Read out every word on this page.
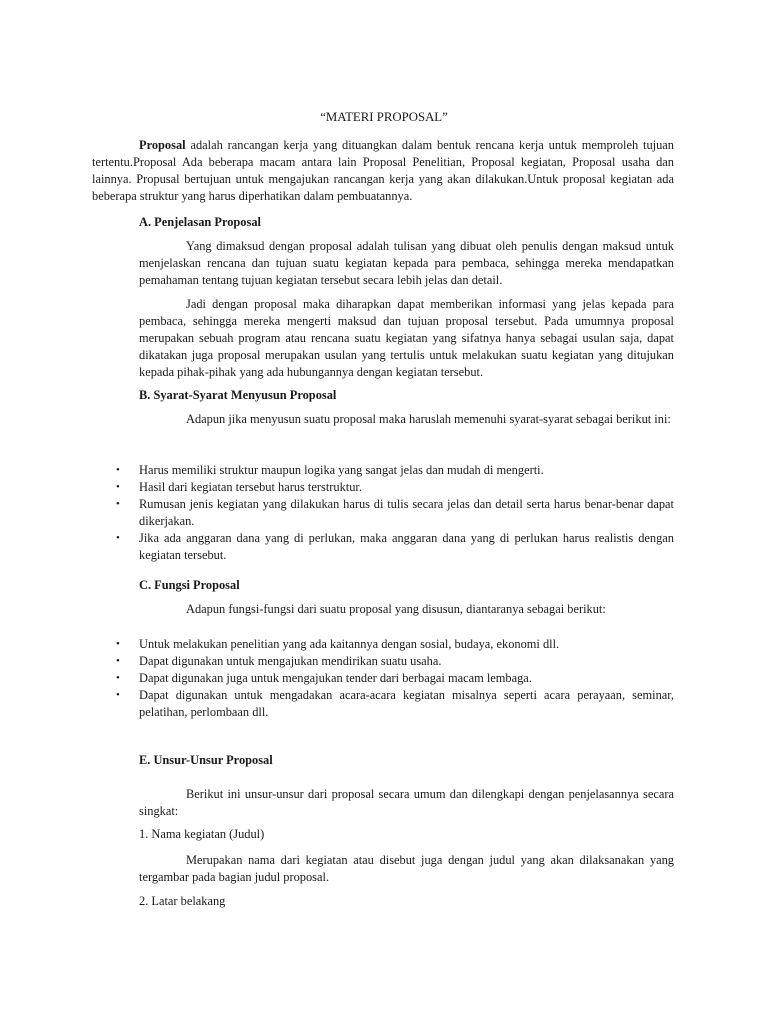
“MATERI PROPOSAL”

Proposal adalah rancangan kerja yang dituangkan dalam bentuk rencana kerja untuk memproleh tujuan tertentu.Proposal Ada beberapa macam antara lain Proposal Penelitian, Proposal kegiatan, Proposal usaha dan lainnya. Propusal bertujuan untuk mengajukan rancangan kerja yang akan dilakukan.Untuk proposal kegiatan ada beberapa struktur yang harus diperhatikan dalam pembuatannya.

A. Penjelasan Proposal

Yang dimaksud dengan proposal adalah tulisan yang dibuat oleh penulis dengan maksud untuk menjelaskan rencana dan tujuan suatu kegiatan kepada para pembaca, sehingga mereka mendapatkan pemahaman tentang tujuan kegiatan tersebut secara lebih jelas dan detail.

Jadi dengan proposal maka diharapkan dapat memberikan informasi yang jelas kepada para pembaca, sehingga mereka mengerti maksud dan tujuan proposal tersebut. Pada umumnya proposal merupakan sebuah program atau rencana suatu kegiatan yang sifatnya hanya sebagai usulan saja, dapat dikatakan juga proposal merupakan usulan yang tertulis untuk melakukan suatu kegiatan yang ditujukan kepada pihak-pihak yang ada hubungannya dengan kegiatan tersebut.

B. Syarat-Syarat Menyusun Proposal

Adapun jika menyusun suatu proposal maka haruslah memenuhi syarat-syarat sebagai berikut ini:

• Harus memiliki struktur maupun logika yang sangat jelas dan mudah di mengerti.
• Hasil dari kegiatan tersebut harus terstruktur.
• Rumusan jenis kegiatan yang dilakukan harus di tulis secara jelas dan detail serta harus benar-benar dapat dikerjakan.
• Jika ada anggaran dana yang di perlukan, maka anggaran dana yang di perlukan harus realistis dengan kegiatan tersebut.

C. Fungsi Proposal

Adapun fungsi-fungsi dari suatu proposal yang disusun, diantaranya sebagai berikut:

• Untuk melakukan penelitian yang ada kaitannya dengan sosial, budaya, ekonomi dll.
• Dapat digunakan untuk mengajukan mendirikan suatu usaha.
• Dapat digunakan juga untuk mengajukan tender dari berbagai macam lembaga.
• Dapat digunakan untuk mengadakan acara-acara kegiatan misalnya seperti acara perayaan, seminar, pelatihan, perlombaan dll.

E. Unsur-Unsur Proposal

Berikut ini unsur-unsur dari proposal secara umum dan dilengkapi dengan penjelasannya secara singkat:

1. Nama kegiatan (Judul)

Merupakan nama dari kegiatan atau disebut juga dengan judul yang akan dilaksanakan yang tergambar pada bagian judul proposal.

2. Latar belakang
